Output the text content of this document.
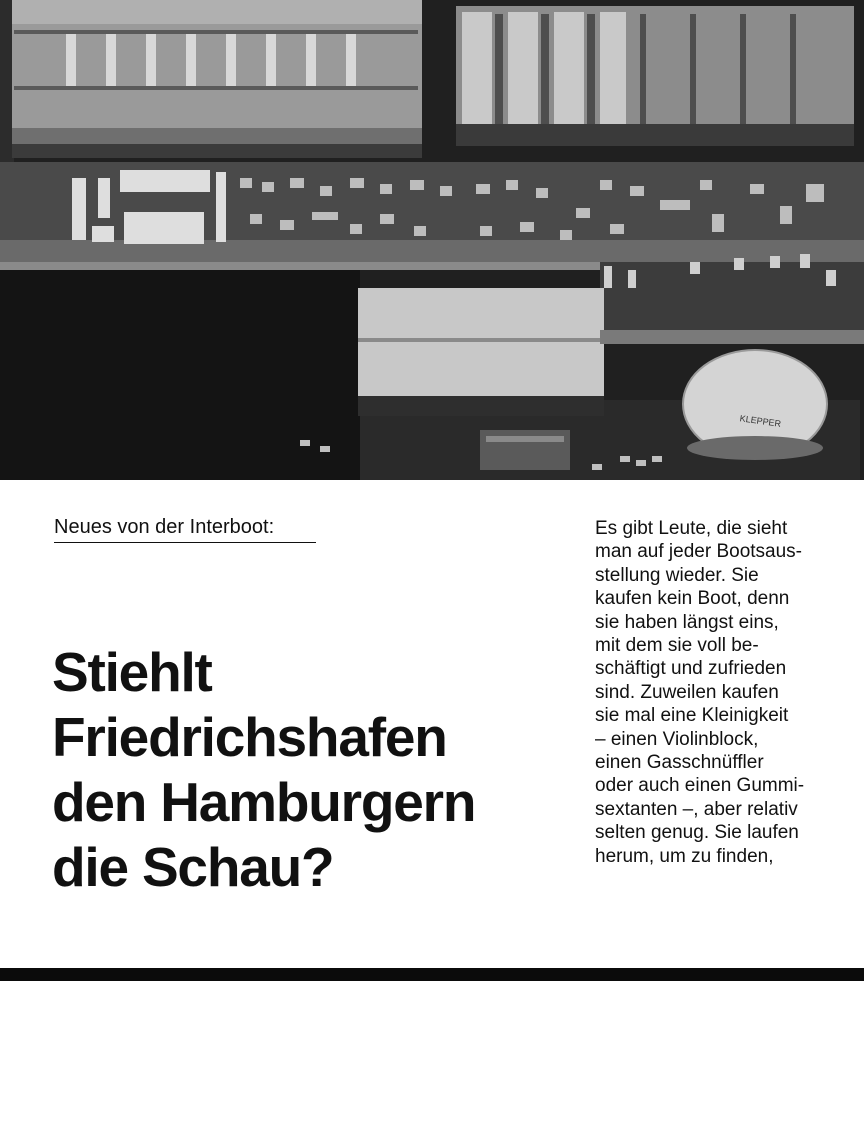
KLEPPER
Neues von der Interboot:
Stiehlt
Friedrichshafen
den Hamburgern
die Schau?
Es gibt Leute, die sieht
man auf jeder Bootsaus-
stellung wieder. Sie
kaufen kein Boot, denn
sie haben längst eins,
mit dem sie voll be-
schäftigt und zufrieden
sind. Zuweilen kaufen
sie mal eine Kleinigkeit
– einen Violinblock,
einen Gasschnüffler
oder auch einen Gummi-
sextanten –, aber relativ
selten genug. Sie laufen
herum, um zu finden,
